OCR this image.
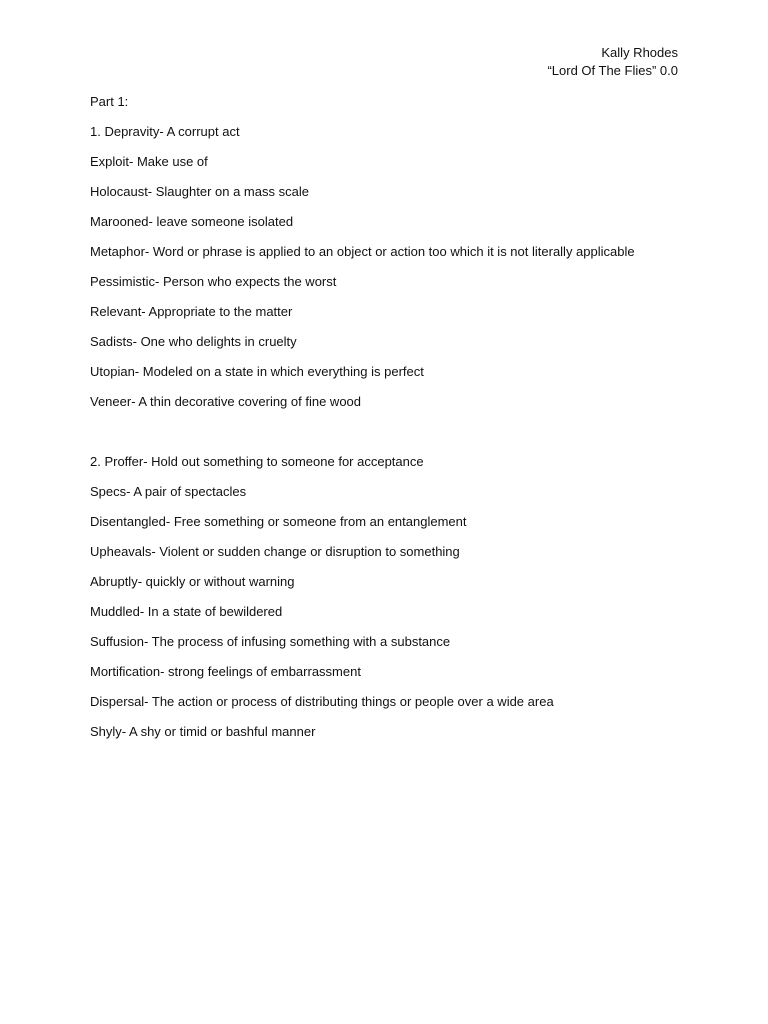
Kally Rhodes
“Lord Of The Flies” 0.0
Part 1:
1. Depravity- A corrupt act
Exploit- Make use of
Holocaust- Slaughter on a mass scale
Marooned- leave someone isolated
Metaphor- Word or phrase is applied to an object or action too which it is not literally applicable
Pessimistic- Person who expects the worst
Relevant- Appropriate to the matter
Sadists- One who delights in cruelty
Utopian- Modeled on a state in which everything is perfect
Veneer- A thin decorative covering of fine wood
2. Proffer- Hold out something to someone for acceptance
Specs- A pair of spectacles
Disentangled- Free something or someone from an entanglement
Upheavals- Violent or sudden change or disruption to something
Abruptly- quickly or without warning
Muddled- In a state of bewildered
Suffusion- The process of infusing something with a substance
Mortification- strong feelings of embarrassment
Dispersal- The action or process of distributing things or people over a wide area
Shyly- A shy or timid or bashful manner
